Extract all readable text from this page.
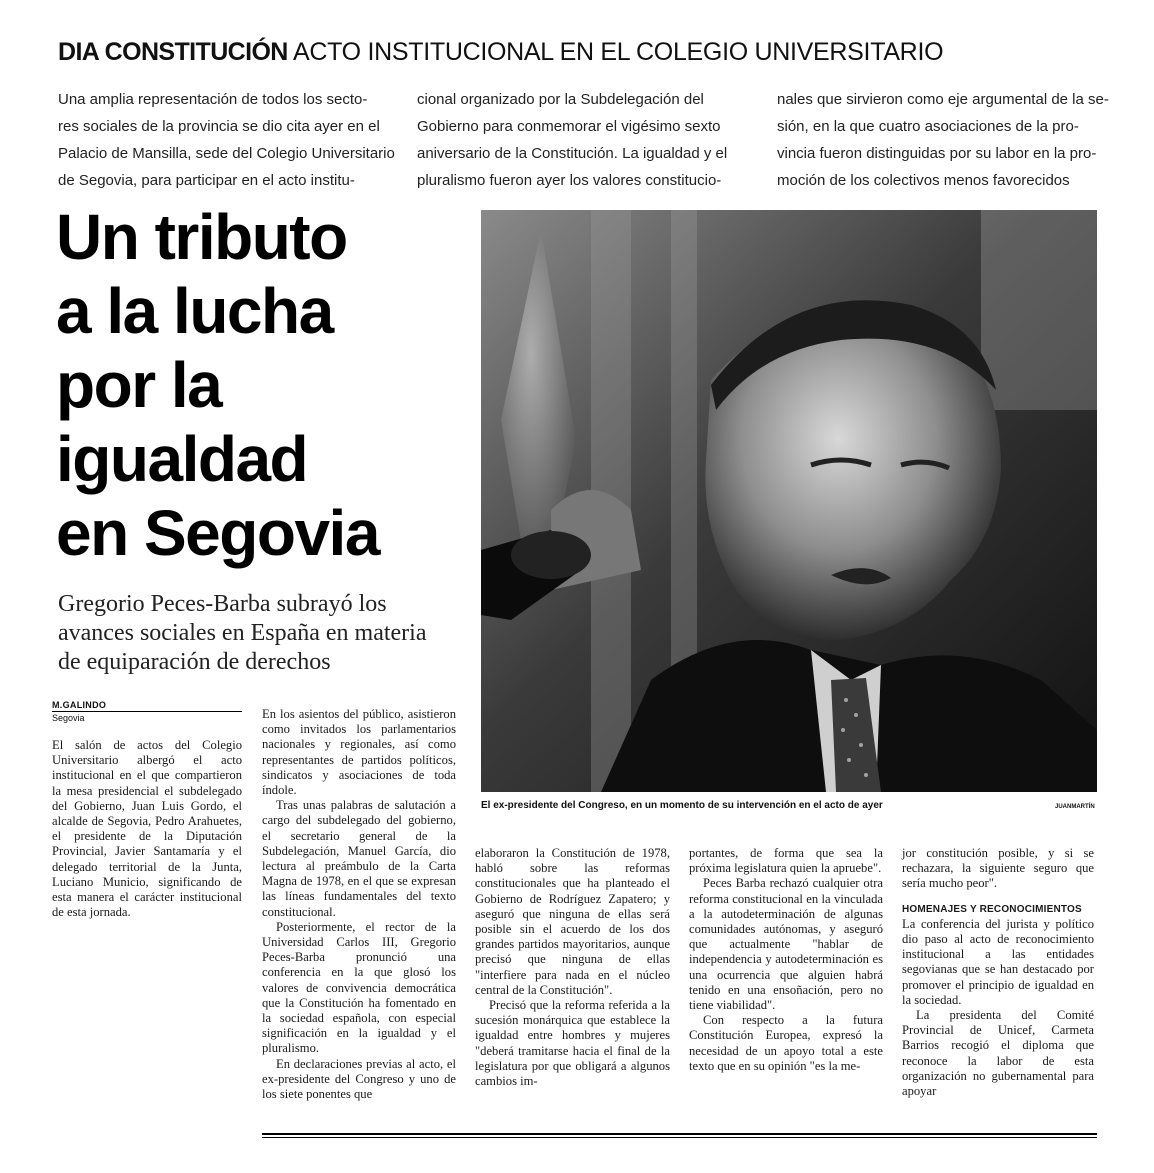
DIA CONSTITUCIÓN ACTO INSTITUCIONAL EN EL COLEGIO UNIVERSITARIO

Una amplia representación de todos los secto-

res sociales de la provincia se dio cita ayer en el

Palacio de Mansilla, sede del Colegio Universitario

de Segovia, para participar en el acto institu-

cional organizado por la Subdelegación del

Gobierno para conmemorar el vigésimo sexto

aniversario de la Constitución. La igualdad y el

pluralismo fueron ayer los valores constitucio-

nales que sirvieron como eje argumental de la se-

sión, en la que cuatro asociaciones de la pro-

vincia fueron distinguidas por su labor en la pro-

moción de los colectivos menos favorecidos

Un tributo
a la lucha
por la
igualdad
en Segovia
Gregorio Peces-Barba subrayó los
avances sociales en España en materia
de equiparación de derechos
El ex-presidente del Congreso, en un momento de su intervención en el acto de ayer	JUANMARTÍN
M.GALINDO
Segovia

El salón de actos del Colegio Universitario albergó el acto institucional en el que compartieron la mesa presidencial el subdelegado del Gobierno, Juan Luis Gordo, el alcalde de Segovia, Pedro Arahuetes, el presidente de la Diputación Provincial, Javier Santamaría y el delegado territorial de la Junta, Luciano Municio, significando de esta manera el carácter institucional de esta jornada.

En los asientos del público, asistieron como invitados los parlamentarios nacionales y regionales, así como representantes de partidos políticos, sindicatos y asociaciones de toda índole.

Tras unas palabras de salutación a cargo del subdelegado del gobierno, el secretario general de la Subdelegación, Manuel García, dio lectura al preámbulo de la Carta Magna de 1978, en el que se expresan las líneas fundamentales del texto constitucional.

Posteriormente, el rector de la Universidad Carlos III, Gregorio Peces-Barba pronunció una conferencia en la que glosó los valores de convivencia democrática que la Constitución ha fomentado en la sociedad española, con especial significación en la igualdad y el pluralismo.

En declaraciones previas al acto, el ex-presidente del Congreso y uno de los siete ponentes que

elaboraron la Constitución de 1978, habló sobre las reformas constitucionales que ha planteado el Gobierno de Rodríguez Zapatero; y aseguró que ninguna de ellas será posible sin el acuerdo de los dos grandes partidos mayoritarios, aunque precisó que ninguna de ellas "interfiere para nada en el núcleo central de la Constitución".

Precisó que la reforma referida a la sucesión monárquica que establece la igualdad entre hombres y mujeres "deberá tramitarse hacia el final de la legislatura por que obligará a algunos cambios im-

portantes, de forma que sea la próxima legislatura quien la apruebe".

Peces Barba rechazó cualquier otra reforma constitucional en la vinculada a la autodeterminación de algunas comunidades autónomas, y aseguró que actualmente "hablar de independencia y autodeterminación es una ocurrencia que alguien habrá tenido en una ensoñación, pero no tiene viabilidad".

Con respecto a la futura Constitución Europea, expresó la necesidad de un apoyo total a este texto que en su opinión "es la me-

jor constitución posible, y si se rechazara, la siguiente seguro que sería mucho peor".

HOMENAJES Y RECONOCIMIENTOS

La conferencia del jurista y político dio paso al acto de reconocimiento institucional a las entidades segovianas que se han destacado por promover el principio de igualdad en la sociedad.

La presidenta del Comité Provincial de Unicef, Carmeta Barrios recogió el diploma que reconoce la labor de esta organización no gubernamental para apoyar
